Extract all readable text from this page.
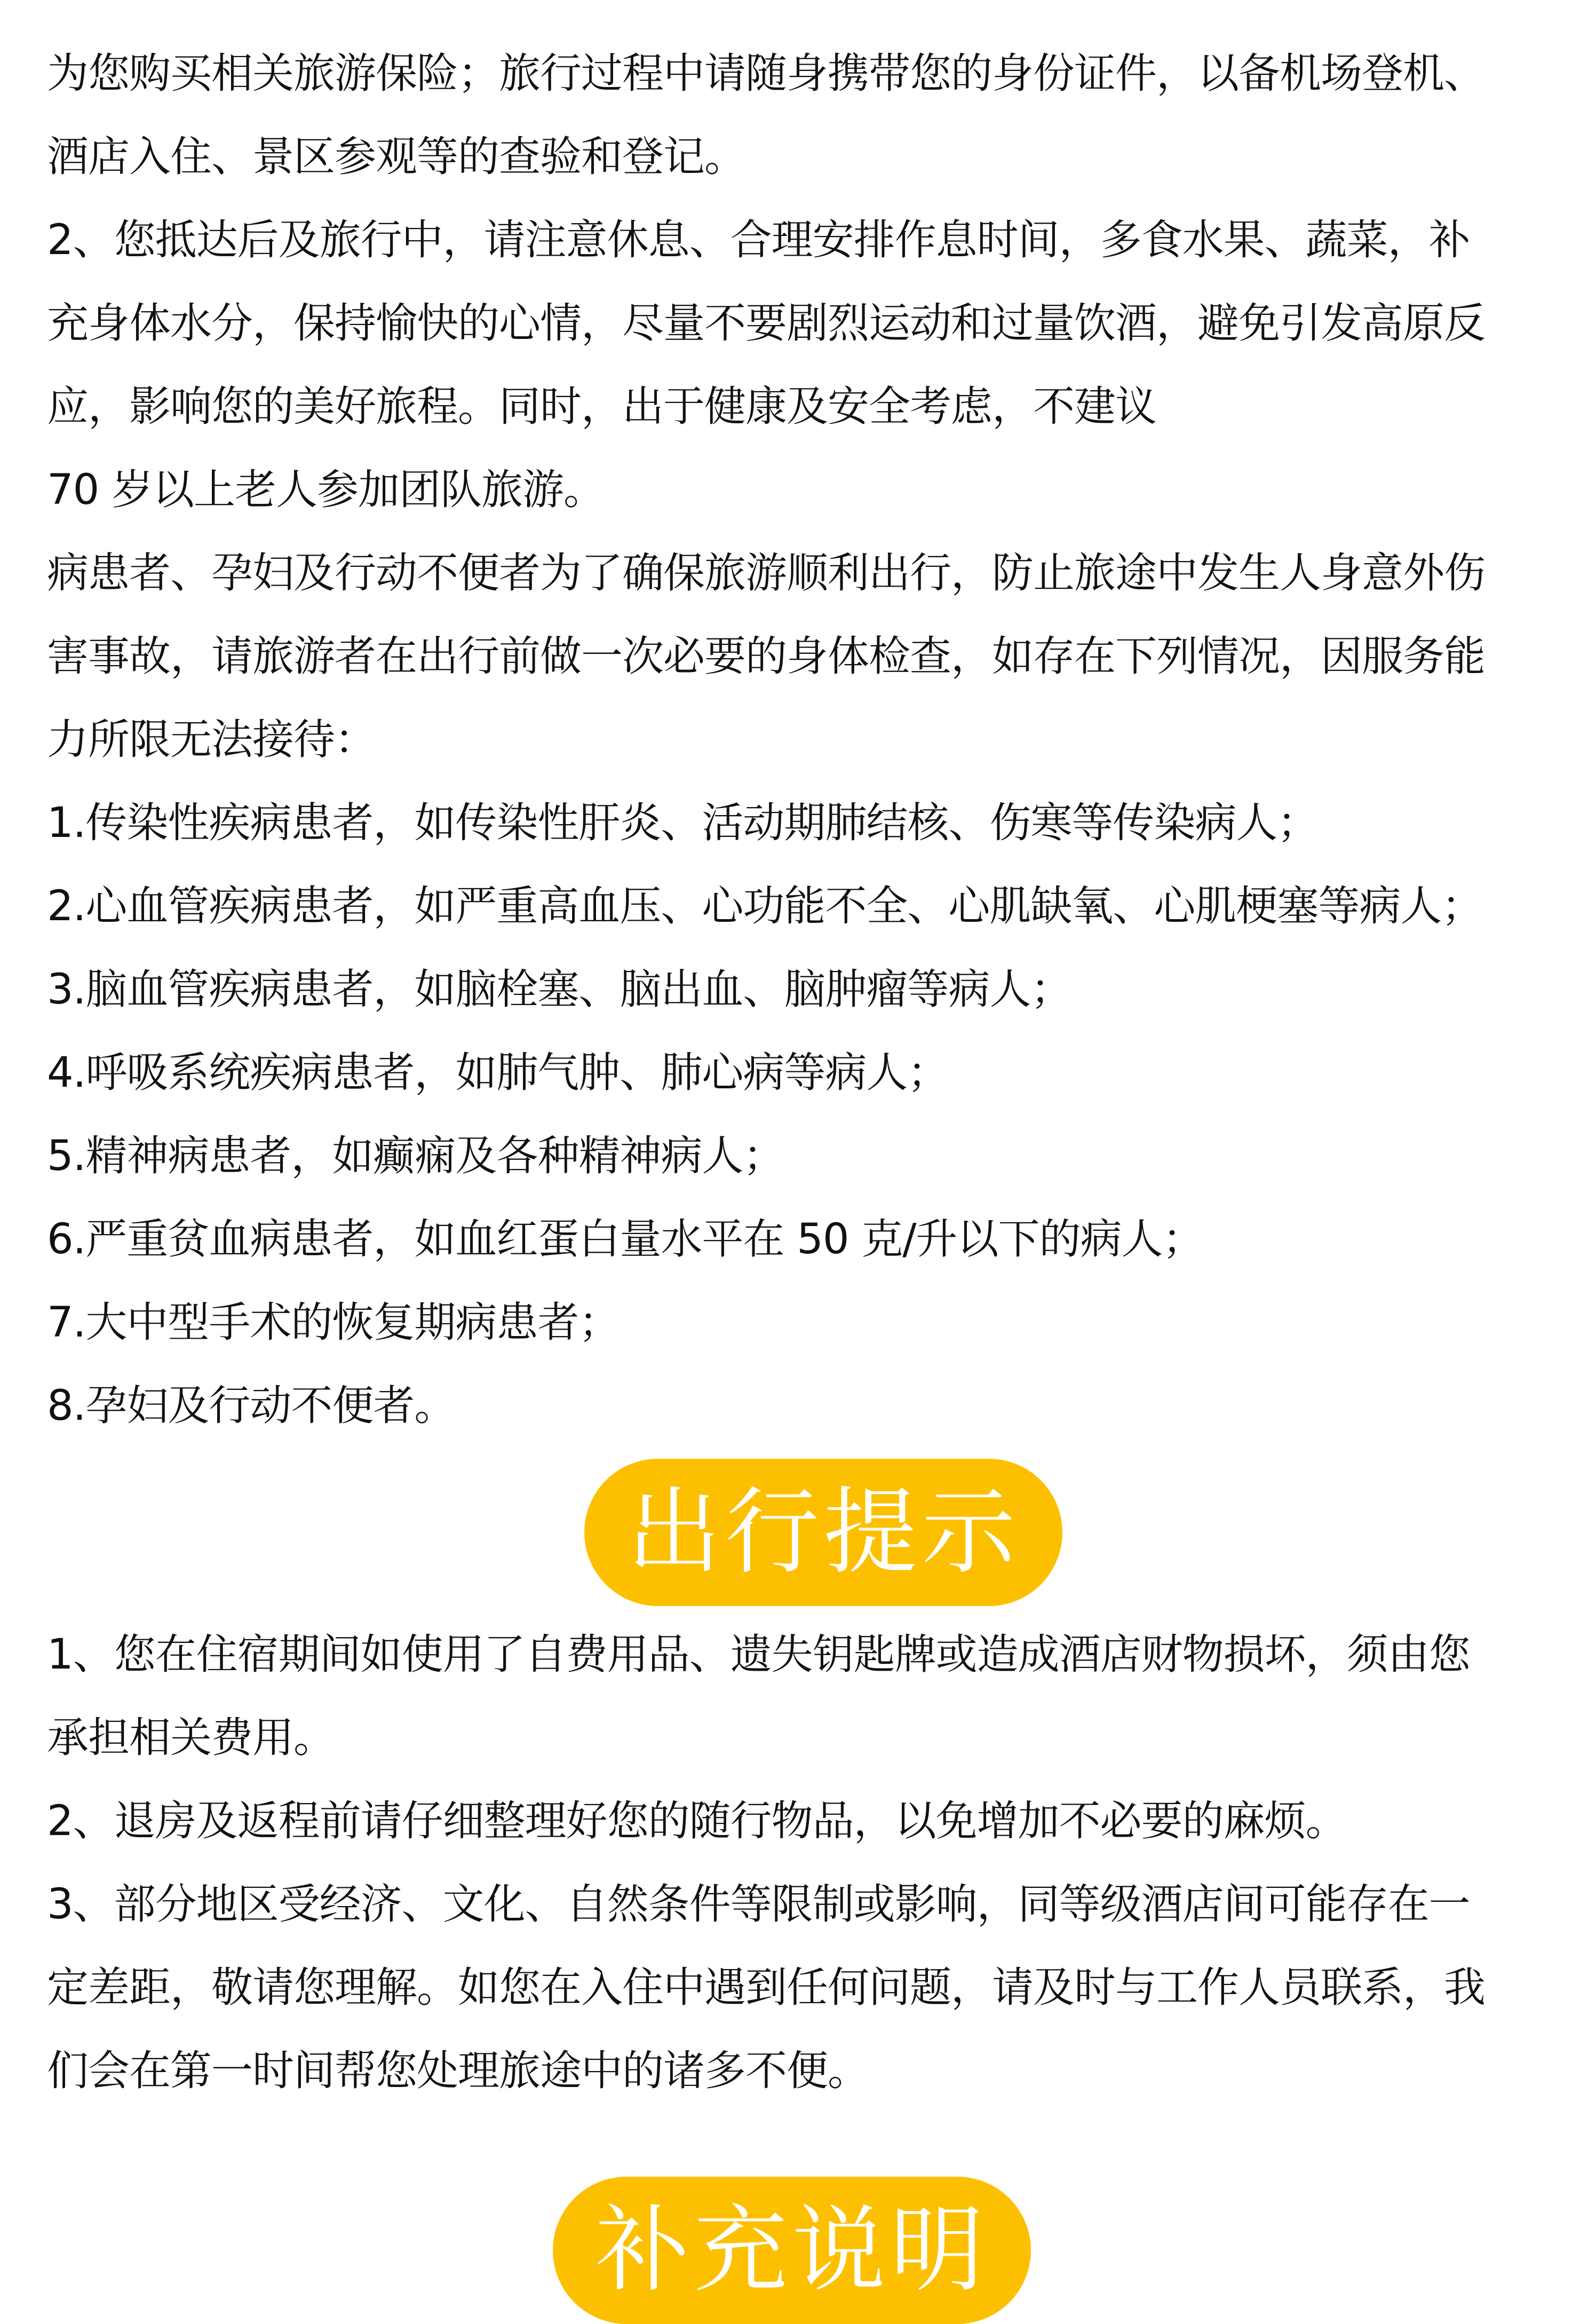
为您购买相关旅游保险；旅行过程中请随身携带您的身份证件，以备机场登机、
酒店入住、景区参观等的查验和登记。
2、您抵达后及旅行中，请注意休息、合理安排作息时间，多食水果、蔬菜，补
充身体水分，保持愉快的心情，尽量不要剧烈运动和过量饮酒，避免引发高原反
应，影响您的美好旅程。同时，出于健康及安全考虑，不建议
70 岁以上老人参加团队旅游。
病患者、孕妇及行动不便者为了确保旅游顺利出行，防止旅途中发生人身意外伤
害事故，请旅游者在出行前做一次必要的身体检查，如存在下列情况，因服务能
力所限无法接待：
1.传染性疾病患者，如传染性肝炎、活动期肺结核、伤寒等传染病人；
2.心血管疾病患者，如严重高血压、心功能不全、心肌缺氧、心肌梗塞等病人；
3.脑血管疾病患者，如脑栓塞、脑出血、脑肿瘤等病人；
4.呼吸系统疾病患者，如肺气肿、肺心病等病人；
5.精神病患者，如癫痫及各种精神病人；
6.严重贫血病患者，如血红蛋白量水平在 50 克/升以下的病人；
7.大中型手术的恢复期病患者；
8.孕妇及行动不便者。
出行提示
1、您在住宿期间如使用了自费用品、遗失钥匙牌或造成酒店财物损坏，须由您
承担相关费用。
2、退房及返程前请仔细整理好您的随行物品，以免增加不必要的麻烦。
3、部分地区受经济、文化、自然条件等限制或影响，同等级酒店间可能存在一
定差距，敬请您理解。如您在入住中遇到任何问题，请及时与工作人员联系，我
们会在第一时间帮您处理旅途中的诸多不便。
补充说明
